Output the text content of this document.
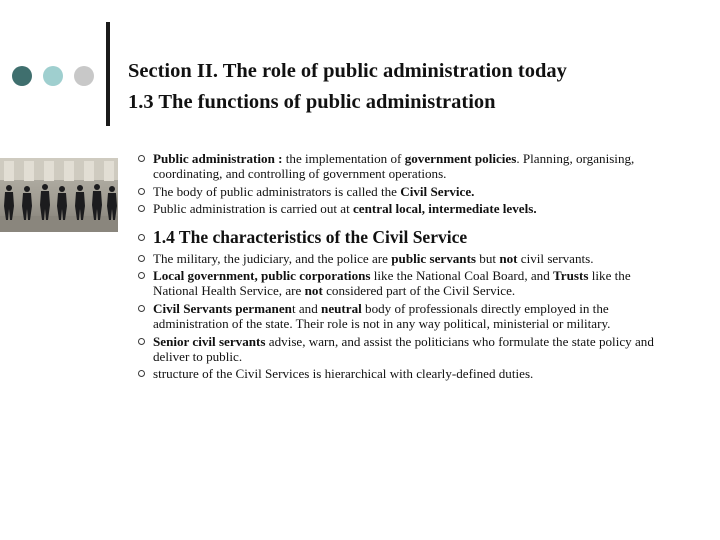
Section II. The role of public administration today
1.3 The functions of public administration
Public administration : the implementation of government policies. Planning, organising, coordinating, and controlling of government operations.
The body of public administrators is called the Civil Service.
Public administration is carried out at central local, intermediate levels.
1.4 The characteristics of the Civil Service
The military, the judiciary, and the police are public servants but not civil servants.
Local government, public corporations like the National Coal Board, and Trusts like the National Health Service, are not considered part of the Civil Service.
Civil Servants permanent and neutral body of professionals directly employed in the administration of the state. Their role is not in any way political, ministerial or military.
Senior civil servants advise, warn, and assist the politicians who formulate the state policy and deliver to public.
structure of the Civil Services is hierarchical with clearly-defined duties.
